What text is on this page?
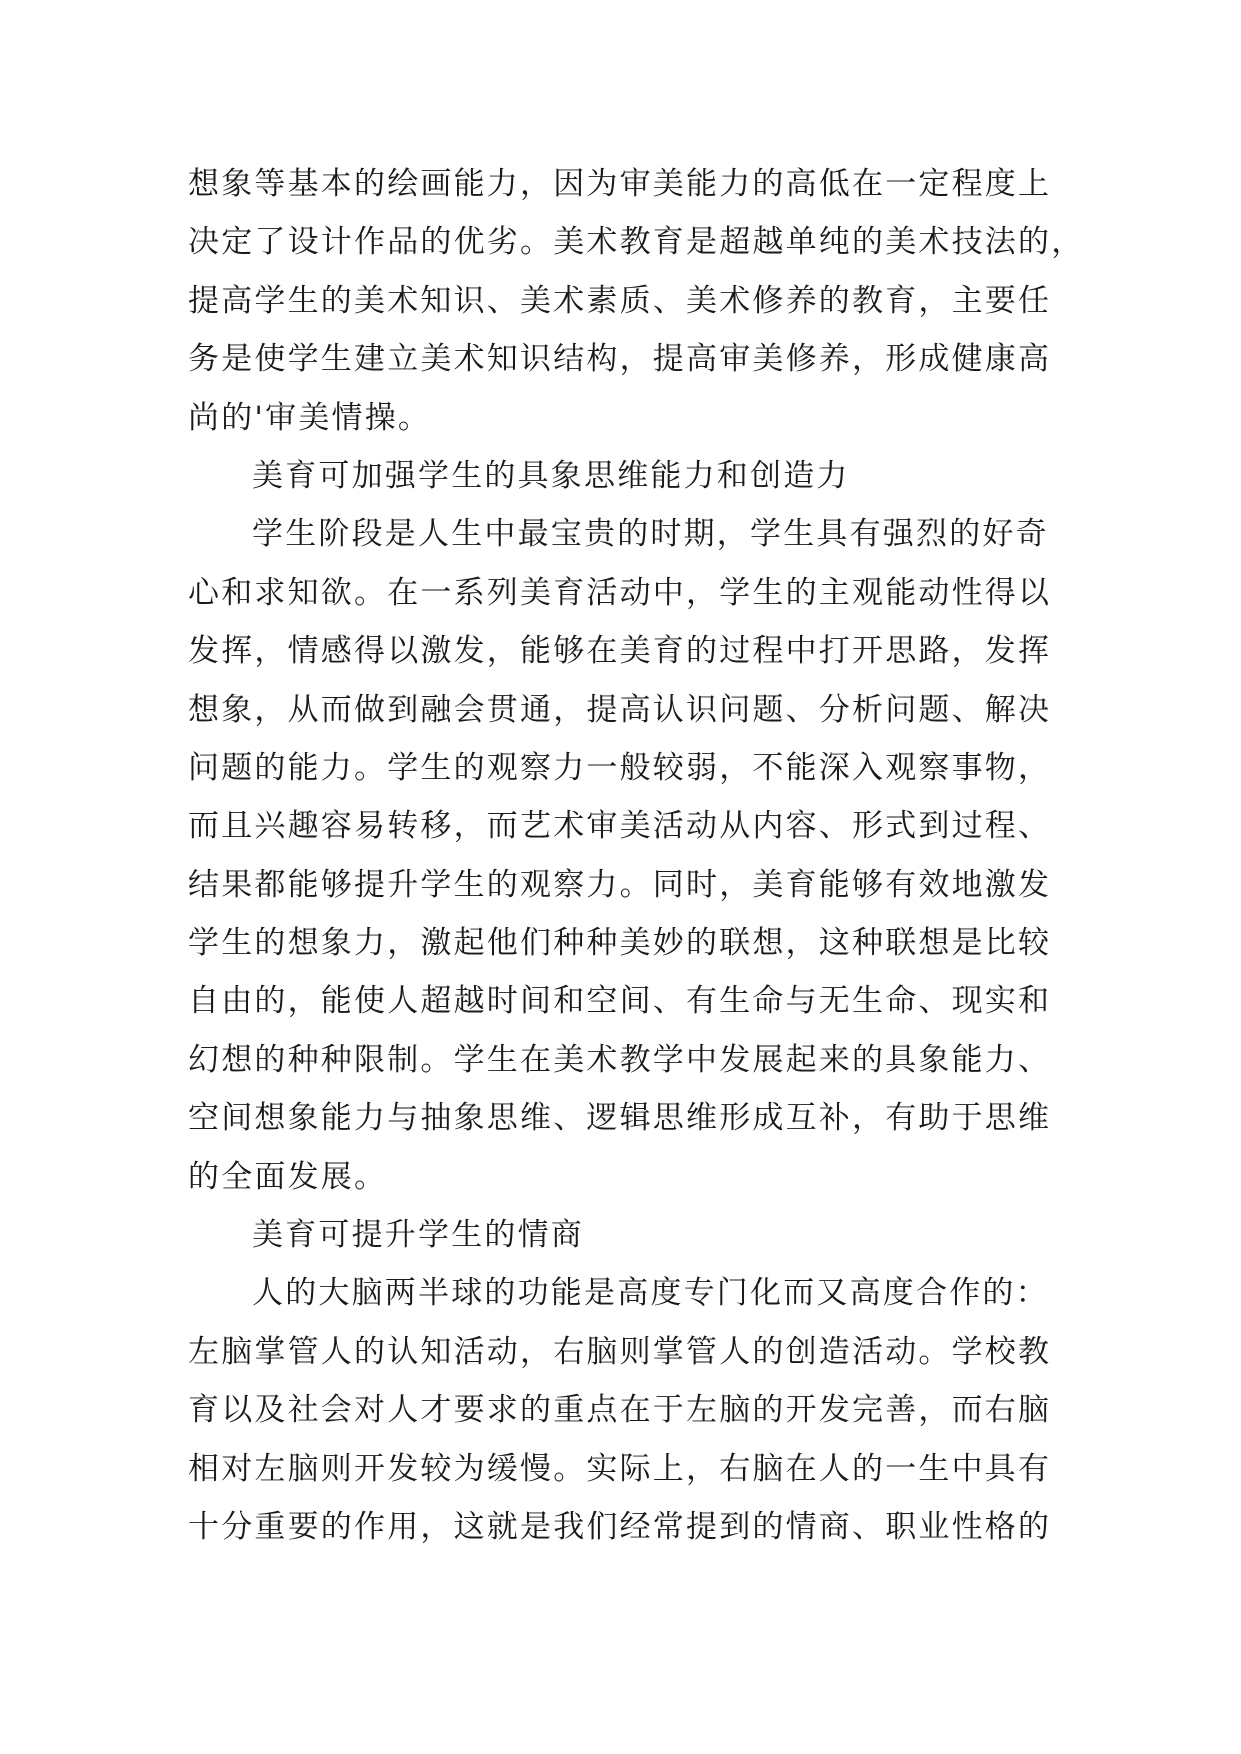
想象等基本的绘画能力，因为审美能力的高低在一定程度上
决定了设计作品的优劣。美术教育是超越单纯的美术技法的，
提高学生的美术知识、美术素质、美术修养的教育，主要任
务是使学生建立美术知识结构，提高审美修养，形成健康高
尚的'审美情操。
美育可加强学生的具象思维能力和创造力
学生阶段是人生中最宝贵的时期，学生具有强烈的好奇
心和求知欲。在一系列美育活动中，学生的主观能动性得以
发挥，情感得以激发，能够在美育的过程中打开思路，发挥
想象，从而做到融会贯通，提高认识问题、分析问题、解决
问题的能力。学生的观察力一般较弱，不能深入观察事物，
而且兴趣容易转移，而艺术审美活动从内容、形式到过程、
结果都能够提升学生的观察力。同时，美育能够有效地激发
学生的想象力，激起他们种种美妙的联想，这种联想是比较
自由的，能使人超越时间和空间、有生命与无生命、现实和
幻想的种种限制。学生在美术教学中发展起来的具象能力、
空间想象能力与抽象思维、逻辑思维形成互补，有助于思维
的全面发展。
美育可提升学生的情商
人的大脑两半球的功能是高度专门化而又高度合作的：
左脑掌管人的认知活动，右脑则掌管人的创造活动。学校教
育以及社会对人才要求的重点在于左脑的开发完善，而右脑
相对左脑则开发较为缓慢。实际上，右脑在人的一生中具有
十分重要的作用，这就是我们经常提到的情商、职业性格的
